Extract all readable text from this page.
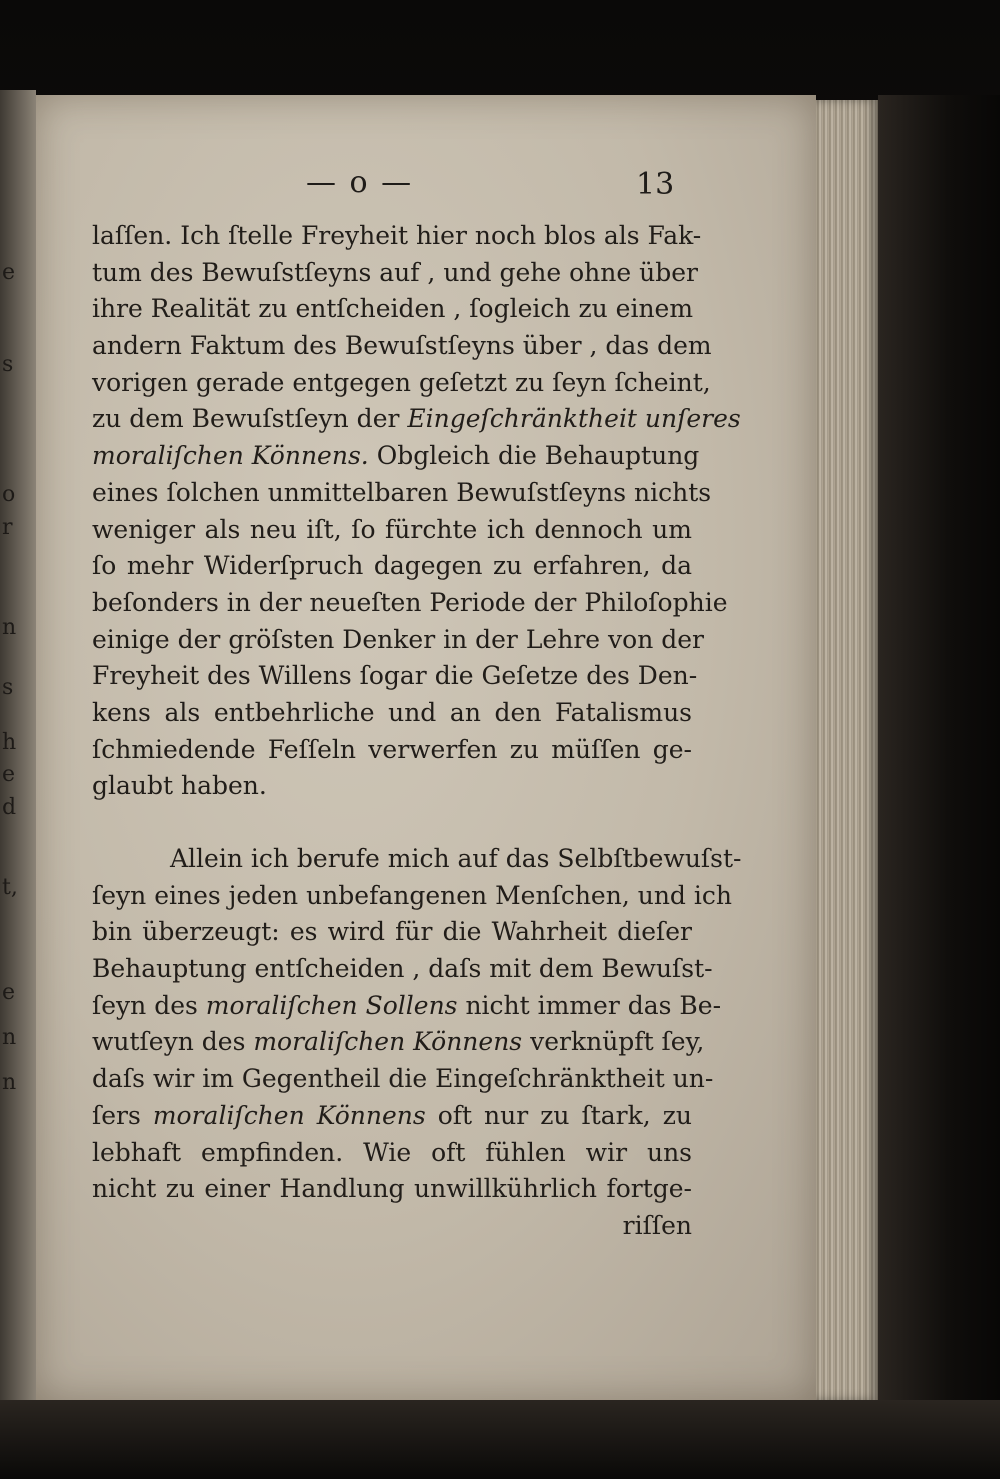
e
s
o
r
n
s
h
e
d
t,
e
n
n
— o —	13
laſſen. Ich ſtelle Freyheit hier noch blos als Fak-
tum des Bewuſstſeyns auf , und gehe ohne über
ihre Realität zu entſcheiden , ſogleich zu einem
andern Faktum des Bewuſstſeyns über , das dem
vorigen gerade entgegen geſetzt zu ſeyn ſcheint,
zu dem Bewuſstſeyn der Eingeſchränktheit unſeres
moraliſchen Könnens. Obgleich die Behauptung
eines ſolchen unmittelbaren Bewuſstſeyns nichts
weniger als neu iſt, ſo fürchte ich dennoch um
ſo mehr Widerſpruch dagegen zu erfahren, da
beſonders in der neueſten Periode der Philoſophie
einige der gröſsten Denker in der Lehre von der
Freyheit des Willens ſogar die Geſetze des Den-
kens als entbehrliche und an den Fatalismus
ſchmiedende Feſſeln verwerfen zu müſſen ge-
glaubt haben.
Allein ich berufe mich auf das Selbſtbewuſst-
ſeyn eines jeden unbefangenen Menſchen, und ich
bin überzeugt: es wird für die Wahrheit dieſer
Behauptung entſcheiden , daſs mit dem Bewuſst-
ſeyn des moraliſchen Sollens nicht immer das Be-
wutſeyn des moraliſchen Könnens verknüpft ſey,
daſs wir im Gegentheil die Eingeſchränktheit un-
ſers moraliſchen Könnens oft nur zu ſtark, zu
lebhaft empfinden. Wie oft fühlen wir uns
nicht zu einer Handlung unwillkührlich fortge-
riſſen
